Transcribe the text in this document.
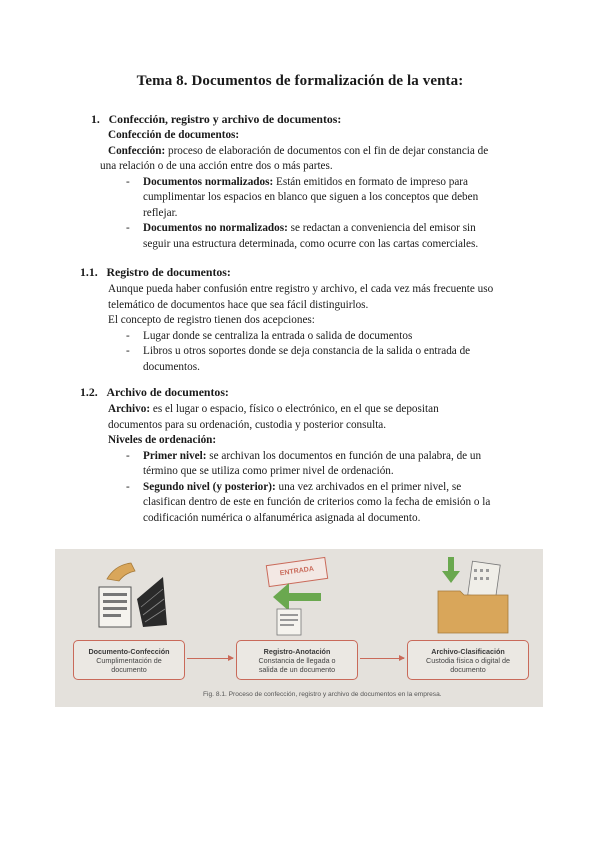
Tema 8. Documentos de formalización de la venta:
1. Confección, registro y archivo de documentos:
Confección de documentos:
Confección: proceso de elaboración de documentos con el fin de dejar constancia de
una relación o de una acción entre dos o más partes.
- Documentos normalizados: Están emitidos en formato de impreso para
cumplimentar los espacios en blanco que siguen a los conceptos que deben
reflejar.
- Documentos no normalizados: se redactan a conveniencia del emisor sin
seguir una estructura determinada, como ocurre con las cartas comerciales.
1.1. Registro de documentos:
Aunque pueda haber confusión entre registro y archivo, el cada vez más frecuente uso
telemático de documentos hace que sea fácil distinguirlos.
El concepto de registro tienen dos acepciones:
- Lugar donde se centraliza la entrada o salida de documentos
- Libros u otros soportes donde se deja constancia de la salida o entrada de
documentos.
1.2. Archivo de documentos:
Archivo: es el lugar o espacio, físico o electrónico, en el que se depositan
documentos para su ordenación, custodia y posterior consulta.
Niveles de ordenación:
- Primer nivel: se archivan los documentos en función de una palabra, de un
término que se utiliza como primer nivel de ordenación.
- Segundo nivel (y posterior): una vez archivados en el primer nivel, se
clasifican dentro de este en función de criterios como la fecha de emisión o la
codificación numérica o alfanumérica asignada al documento.
ENTRADA
Documento-Confección
Cumplimentación de
documento
Registro-Anotación
Constancia de llegada o
salida de un documento
Archivo-Clasificación
Custodia física o digital de
documento
Fig. 8.1. Proceso de confección, registro y archivo de documentos en la empresa.
